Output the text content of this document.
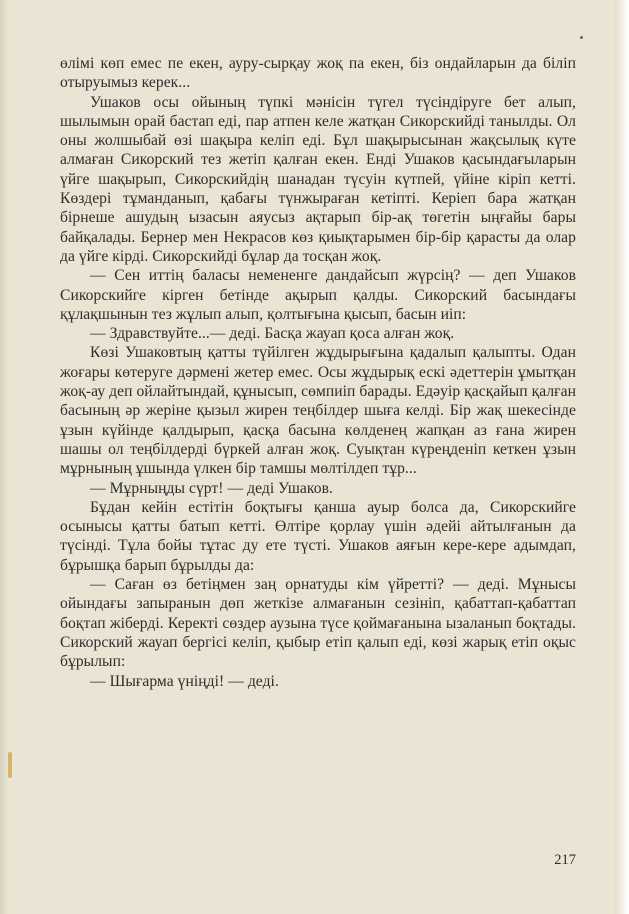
өлімі көп емес пе екен, ауру-сырқау жоқ па екен, біз ондайларын да біліп отыруымыз керек...

Ушаков осы ойының түпкі мәнісін түгел түсіндіруге бет алып, шылымын орай бастап еді, пар атпен келе жатқан Сикорскийді танылды. Ол оны жолшыбай өзі шақыра келіп еді. Бұл шақырысынан жақсылық күте алмаған Сикорский тез жетіп қалған екен. Енді Ушаков қасындағыларын үйге шақырып, Сикорскийдің шанадан түсуін күтпей, үйіне кіріп кетті. Көздері тұманданып, қабағы түнжыраған кетіпті. Керіеп бара жатқан бірнеше ашудың ызасын аяусыз ақтарып бір-ақ төгетін ыңғайы бары байқалады. Бернер мен Некрасов көз қиықтарымен бір-бір қарасты да олар да үйге кірді. Сикорскийді бұлар да тосқан жоқ.

— Сен иттің баласы немененге дандайсып жүрсің? — деп Ушаков Сикорскийге кірген бетінде ақырып қалды. Сикорский басындағы құлақшынын тез жұлып алып, қолтығына қысып, басын иіп:

— Здравствуйте...— деді. Басқа жауап қоса алған жоқ.

Көзі Ушаковтың қатты түйілген жұдырығына қадалып қалыпты. Одан жоғары көтеруге дәрмені жетер емес. Осы жұдырық ескі әдеттерін ұмытқан жоқ-ау деп ойлайтындай, құнысып, сөмпиіп барады. Едәуір қасқайып қалған басының әр жеріне қызыл жирен теңбілдер шыға келді. Бір жақ шекесінде ұзын күйінде қалдырып, қасқа басына көлденең жапқан аз ғана жирен шашы ол теңбілдерді бүркей алған жоқ. Суықтан күреңденіп кеткен ұзын мұрнының ұшында үлкен бір тамшы мөлтілдеп тұр...

— Мұрныңды сүрт! — деді Ушаков.

Бұдан кейін естітін боқтығы қанша ауыр болса да, Сикорскийге осынысы қатты батып кетті. Өлтіре қорлау үшін әдейі айтылғанын да түсінді. Тұла бойы тұтас ду ете түсті. Ушаков аяғын кере-кере адымдап, бұрышқа барып бұрылды да:

— Саған өз бетіңмен заң орнатуды кім үйретті? — деді. Мұнысы ойындағы запыранын дөп жеткізе алмағанын сезініп, қабаттап-қабаттап боқтап жіберді. Керекті сөздер аузына түсе қоймағанына ызаланып боқтады. Сикорский жауап бергісі келіп, қыбыр етіп қалып еді, көзі жарық етіп оқыс бұрылып:

— Шығарма үніңді! — деді.

217
